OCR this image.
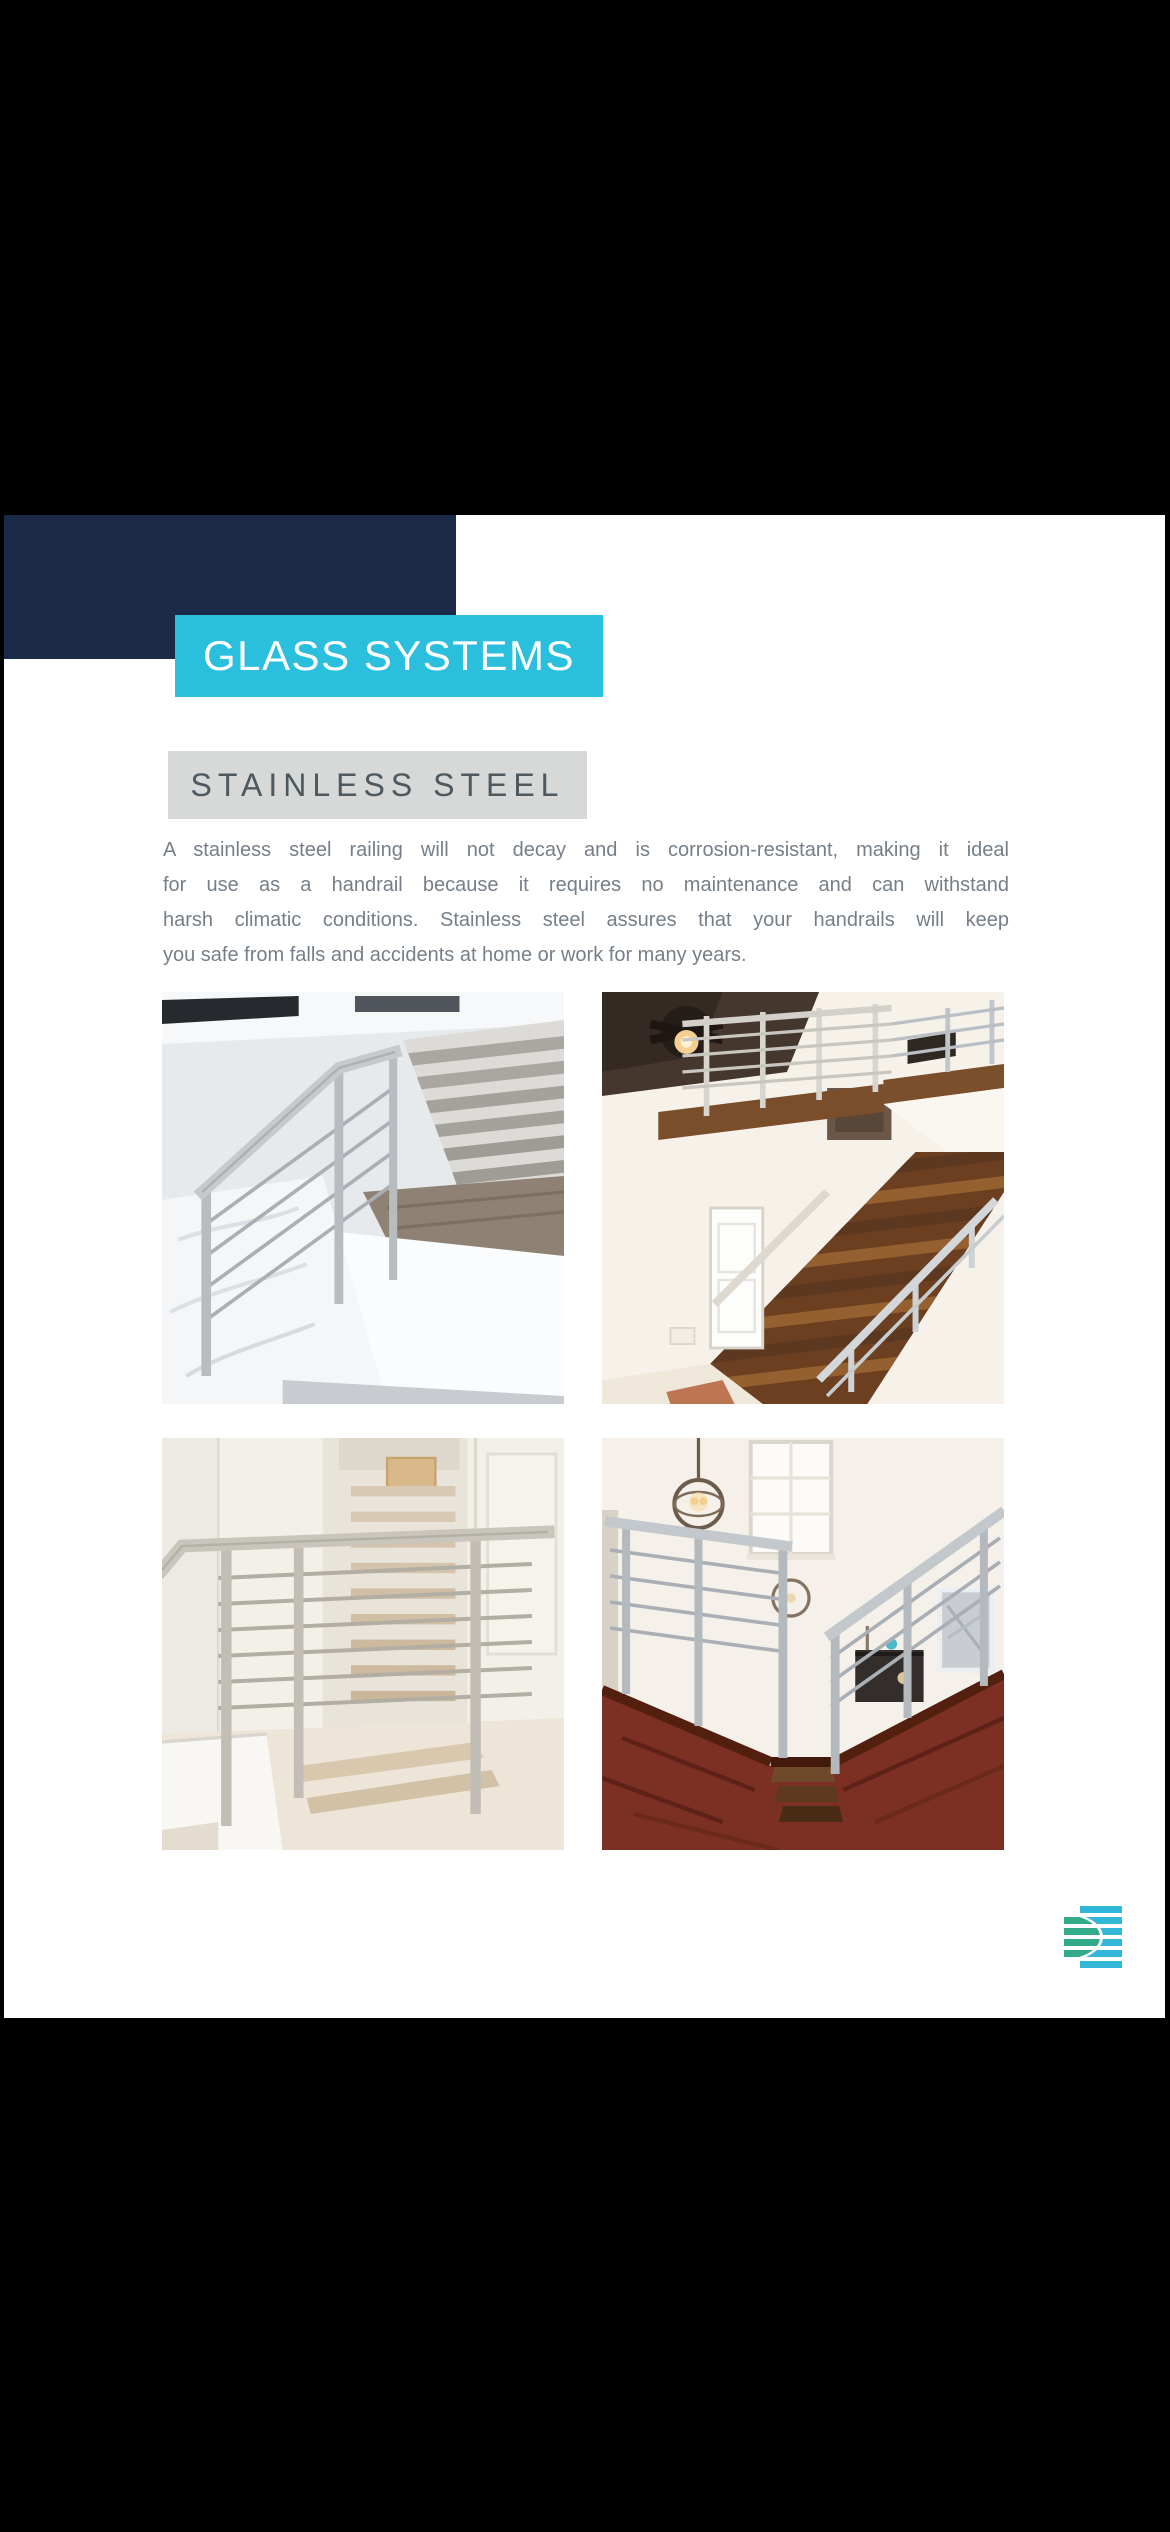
GLASS SYSTEMS
STAINLESS STEEL
A stainless steel railing will not decay and is corrosion-resistant, making it ideal
for use as a handrail because it requires no maintenance and can withstand
harsh climatic conditions. Stainless steel assures that your handrails will keep
you safe from falls and accidents at home or work for many years.
